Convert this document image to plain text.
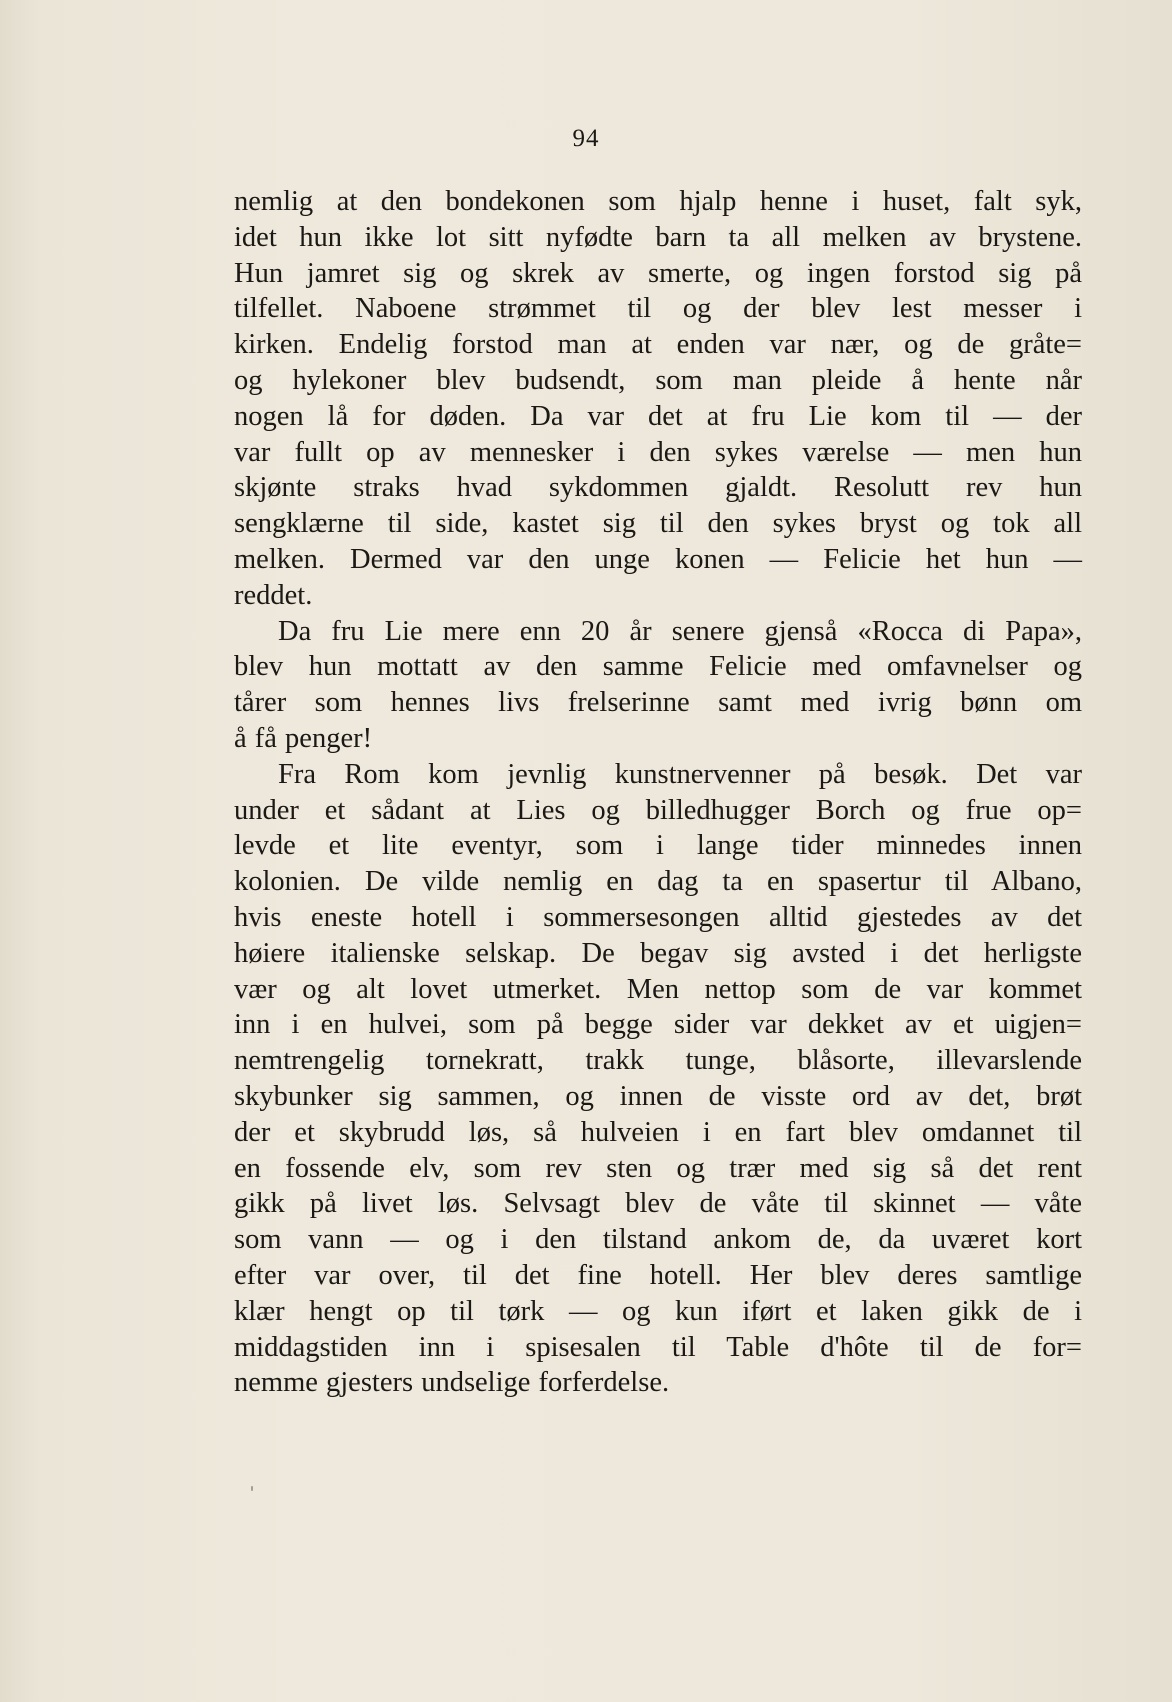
94
nemlig at den bondekonen som hjalp henne i huset, falt syk,
idet hun ikke lot sitt nyfødte barn ta all melken av brystene.
Hun jamret sig og skrek av smerte, og ingen forstod sig på
tilfellet. Naboene strømmet til og der blev lest messer i
kirken. Endelig forstod man at enden var nær, og de gråte=
og hylekoner blev budsendt, som man pleide å hente når
nogen lå for døden. Da var det at fru Lie kom til — der
var fullt op av mennesker i den sykes værelse — men hun
skjønte straks hvad sykdommen gjaldt. Resolutt rev hun
sengklærne til side, kastet sig til den sykes bryst og tok all
melken. Dermed var den unge konen — Felicie het hun —
reddet.
Da fru Lie mere enn 20 år senere gjenså «Rocca di Papa»,
blev hun mottatt av den samme Felicie med omfavnelser og
tårer som hennes livs frelserinne samt med ivrig bønn om
å få penger!
Fra Rom kom jevnlig kunstnervenner på besøk. Det var
under et sådant at Lies og billedhugger Borch og frue op=
levde et lite eventyr, som i lange tider minnedes innen
kolonien. De vilde nemlig en dag ta en spasertur til Albano,
hvis eneste hotell i sommersesongen alltid gjestedes av det
høiere italienske selskap. De begav sig avsted i det herligste
vær og alt lovet utmerket. Men nettop som de var kommet
inn i en hulvei, som på begge sider var dekket av et uigjen=
nemtrengelig tornekratt, trakk tunge, blåsorte, illevarslende
skybunker sig sammen, og innen de visste ord av det, brøt
der et skybrudd løs, så hulveien i en fart blev omdannet til
en fossende elv, som rev sten og trær med sig så det rent
gikk på livet løs. Selvsagt blev de våte til skinnet — våte
som vann — og i den tilstand ankom de, da uværet kort
efter var over, til det fine hotell. Her blev deres samtlige
klær hengt op til tørk — og kun iført et laken gikk de i
middagstiden inn i spisesalen til Table d'hôte til de for=
nemme gjesters undselige forferdelse.
